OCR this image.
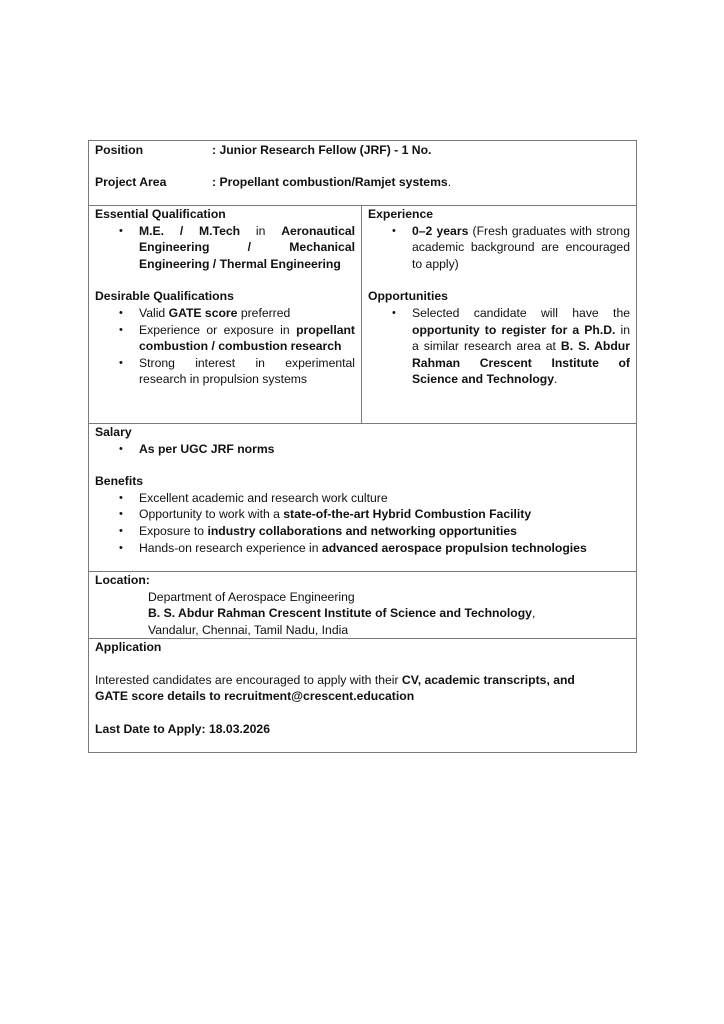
Position	: Junior Research Fellow (JRF) - 1 No.
Project Area	: Propellant combustion/Ramjet systems.
Essential Qualification
• M.E. / M.Tech in Aeronautical Engineering / Mechanical Engineering / Thermal Engineering
Desirable Qualifications
• Valid GATE score preferred
• Experience or exposure in propellant combustion / combustion research
• Strong interest in experimental research in propulsion systems
Experience
• 0–2 years (Fresh graduates with strong academic background are encouraged to apply)
Opportunities
• Selected candidate will have the opportunity to register for a Ph.D. in a similar research area at B. S. Abdur Rahman Crescent Institute of Science and Technology.
Salary
• As per UGC JRF norms
Benefits
• Excellent academic and research work culture
• Opportunity to work with a state-of-the-art Hybrid Combustion Facility
• Exposure to industry collaborations and networking opportunities
• Hands-on research experience in advanced aerospace propulsion technologies
Location:
Department of Aerospace Engineering
B. S. Abdur Rahman Crescent Institute of Science and Technology,
Vandalur, Chennai, Tamil Nadu, India
Application
Interested candidates are encouraged to apply with their CV, academic transcripts, and
GATE score details to recruitment@crescent.education
Last Date to Apply: 18.03.2026
